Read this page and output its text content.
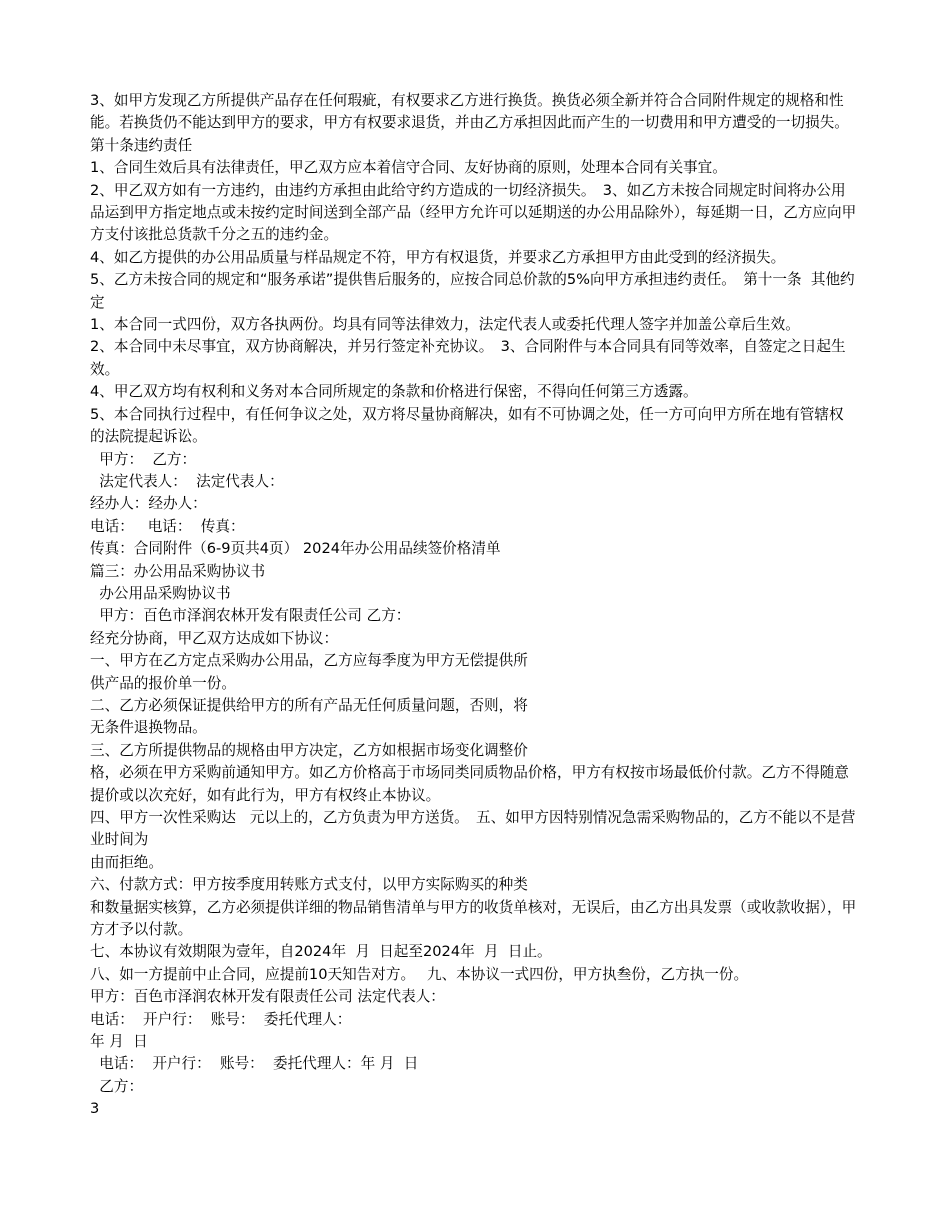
3、如甲方发现乙方所提供产品存在任何瑕疵，有权要求乙方进行换货。换货必须全新并符合合同附件规定的规格和性能。若换货仍不能达到甲方的要求，甲方有权要求退货，并由乙方承担因此而产生的一切费用和甲方遭受的一切损失。　第十条违约责任

1、合同生效后具有法律责任，甲乙双方应本着信守合同、友好协商的原则，处理本合同有关事宜。

2、甲乙双方如有一方违约，由违约方承担由此给守约方造成的一切经济损失。　3、如乙方未按合同规定时间将办公用品运到甲方指定地点或未按约定时间送到全部产品（经甲方允许可以延期送的办公用品除外），每延期一日，乙方应向甲方支付该批总货款千分之五的违约金。

4、如乙方提供的办公用品质量与样品规定不符，甲方有权退货，并要求乙方承担甲方由此受到的经济损失。

5、乙方未按合同的规定和“服务承诺”提供售后服务的，应按合同总价款的5%向甲方承担违约责任。　第十一条  其他约定

1、本合同一式四份，双方各执两份。均具有同等法律效力，法定代表人或委托代理人签字并加盖公章后生效。

2、本合同中未尽事宜，双方协商解决，并另行签定补充协议。　3、合同附件与本合同具有同等效率，自签定之日起生效。

4、甲乙双方均有权利和义务对本合同所规定的条款和价格进行保密，不得向任何第三方透露。

5、本合同执行过程中，有任何争议之处，双方将尽量协商解决，如有不可协调之处，任一方可向甲方所在地有管辖权的法院提起诉讼。

甲方：  乙方：

法定代表人：  法定代表人：

经办人：经办人：

电话：   电话：  传真：

传真：合同附件（6-9页共4页） 2024年办公用品续签价格清单

篇三：办公用品采购协议书

办公用品采购协议书

甲方：百色市泽润农林开发有限责任公司 乙方：

经充分协商，甲乙双方达成如下协议：

一、甲方在乙方定点采购办公用品，乙方应每季度为甲方无偿提供所

供产品的报价单一份。

二、乙方必须保证提供给甲方的所有产品无任何质量问题，否则，将

无条件退换物品。

三、乙方所提供物品的规格由甲方决定，乙方如根据市场变化调整价

格，必须在甲方采购前通知甲方。如乙方价格高于市场同类同质物品价格，甲方有权按市场最低价付款。乙方不得随意提价或以次充好，如有此行为，甲方有权终止本协议。

四、甲方一次性采购达   元以上的，乙方负责为甲方送货。　五、如甲方因特别情况急需采购物品的，乙方不能以不是营业时间为

由而拒绝。

六、付款方式：甲方按季度用转账方式支付，以甲方实际购买的种类

和数量据实核算，乙方必须提供详细的物品销售清单与甲方的收货单核对，无误后，由乙方出具发票（或收款收据），甲方才予以付款。

七、本协议有效期限为壹年，自2024年  月  日起至2024年  月  日止。

八、如一方提前中止合同，应提前10天知告对方。　 九、本协议一式四份，甲方执叁份，乙方执一份。

甲方：百色市泽润农林开发有限责任公司 法定代表人：

电话：  开户行：  账号：  委托代理人：

年 月  日

电话：  开户行：  账号：  委托代理人：年 月  日

乙方：

3
